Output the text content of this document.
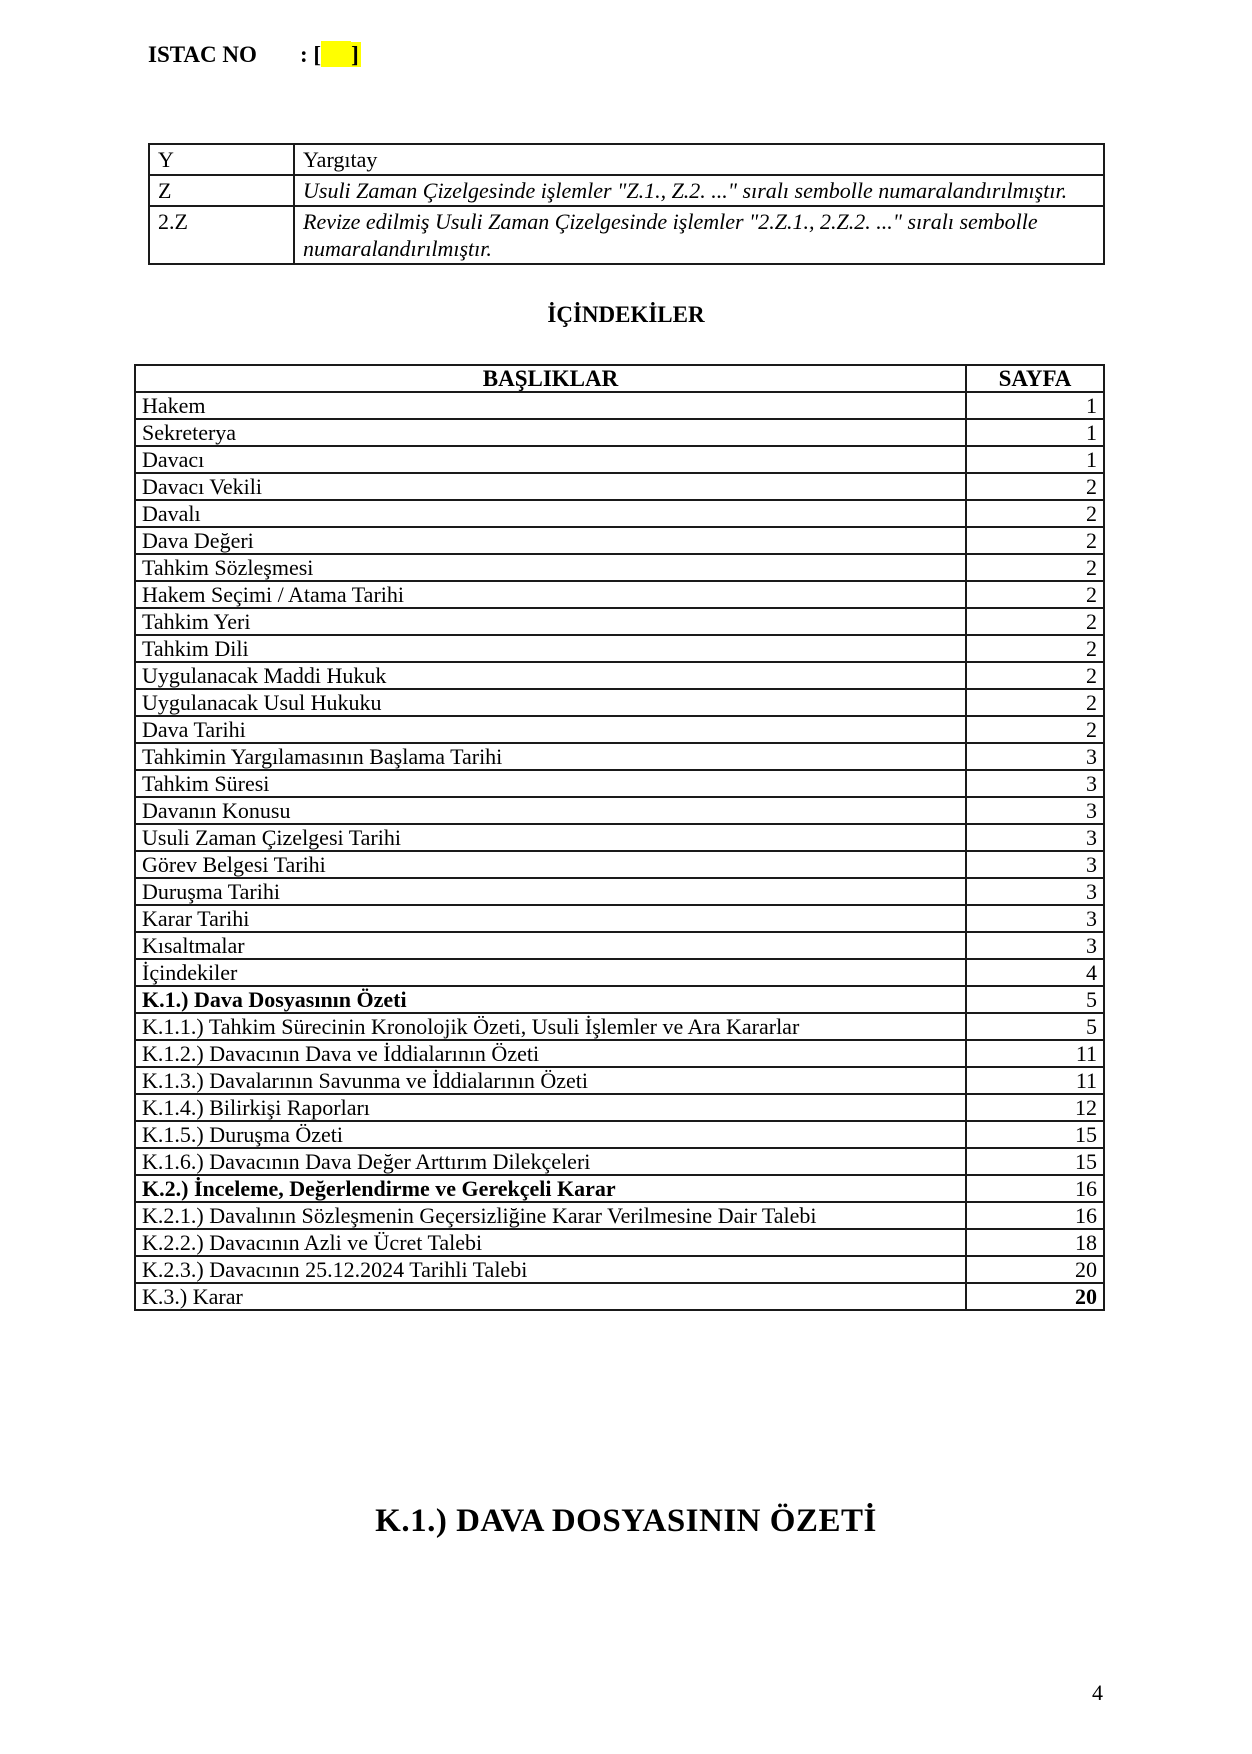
ISTAC NO : [ ]
Y	Yargıtay
Z	Usuli Zaman Çizelgesinde işlemler "Z.1., Z.2. ..." sıralı sembolle numaralandırılmıştır.
2.Z	Revize edilmiş Usuli Zaman Çizelgesinde işlemler "2.Z.1., 2.Z.2. ..." sıralı sembolle numaralandırılmıştır.
İÇİNDEKİLER
BAŞLIKLAR	SAYFA
Hakem	1
Sekreterya	1
Davacı	1
Davacı Vekili	2
Davalı	2
Dava Değeri	2
Tahkim Sözleşmesi	2
Hakem Seçimi / Atama Tarihi	2
Tahkim Yeri	2
Tahkim Dili	2
Uygulanacak Maddi Hukuk	2
Uygulanacak Usul Hukuku	2
Dava Tarihi	2
Tahkimin Yargılamasının Başlama Tarihi	3
Tahkim Süresi	3
Davanın Konusu	3
Usuli Zaman Çizelgesi Tarihi	3
Görev Belgesi Tarihi	3
Duruşma Tarihi	3
Karar Tarihi	3
Kısaltmalar	3
İçindekiler	4
K.1.) Dava Dosyasının Özeti	5
K.1.1.) Tahkim Sürecinin Kronolojik Özeti, Usuli İşlemler ve Ara Kararlar	5
K.1.2.) Davacının Dava ve İddialarının Özeti	11
K.1.3.) Davalarının Savunma ve İddialarının Özeti	11
K.1.4.) Bilirkişi Raporları	12
K.1.5.) Duruşma Özeti	15
K.1.6.) Davacının Dava Değer Arttırım Dilekçeleri	15
K.2.) İnceleme, Değerlendirme ve Gerekçeli Karar	16
K.2.1.) Davalının Sözleşmenin Geçersizliğine Karar Verilmesine Dair Talebi	16
K.2.2.) Davacının Azli ve Ücret Talebi	18
K.2.3.) Davacının 25.12.2024 Tarihli Talebi	20
K.3.) Karar	20
K.1.) DAVA DOSYASININ ÖZETİ
4
